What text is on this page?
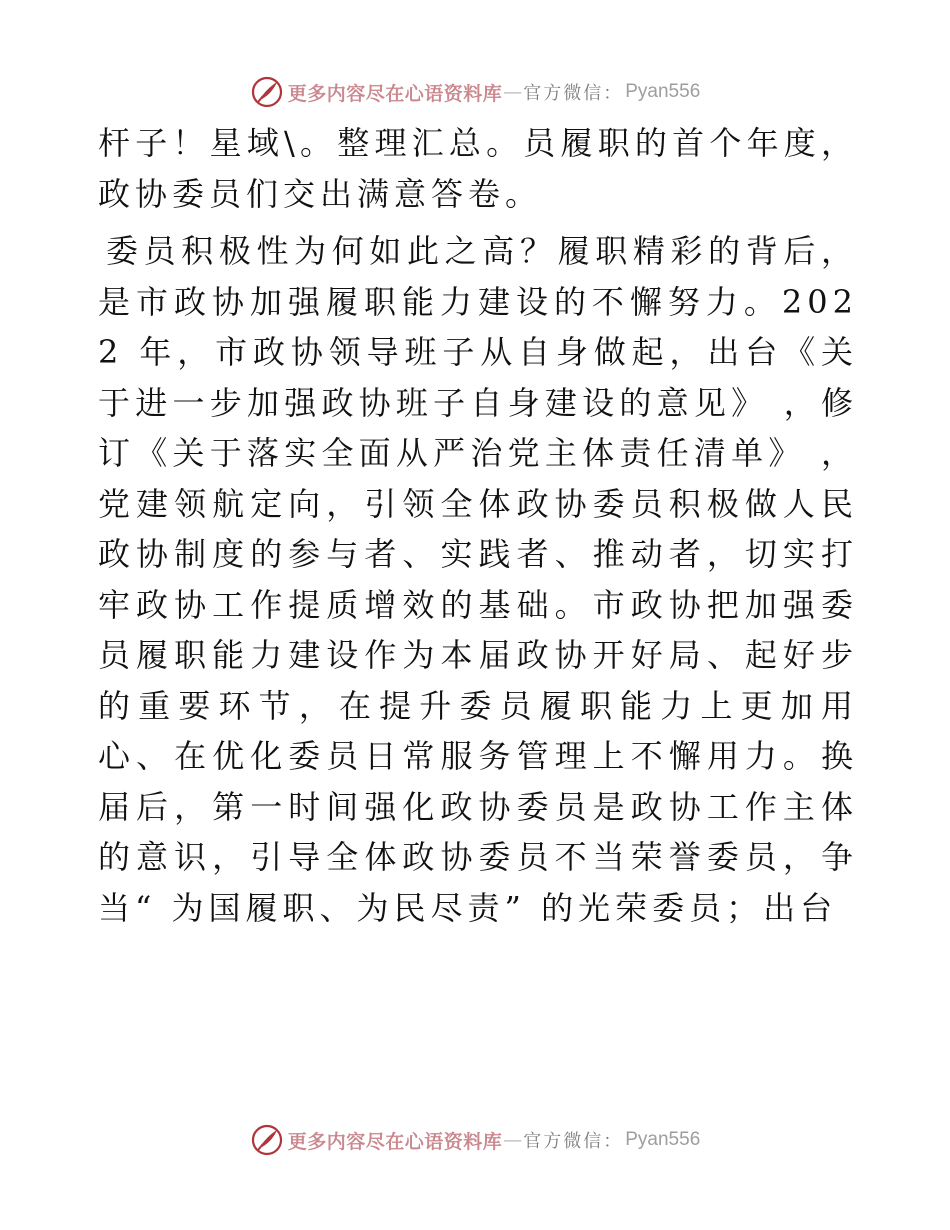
更多内容尽在心语资料库 — 官方微信： Pyan556

杆子！星域\。整理汇总。员履职的首个年度，政协委员们交出满意答卷。

委员积极性为何如此之高？履职精彩的背后，是市政协加强履职能力建设的不懈努力。2022 年，市政协领导班子从自身做起，出台《关于进一步加强政协班子自身建设的意见》 ，修订《关于落实全面从严治党主体责任清单》 ，党建领航定向，引领全体政协委员积极做人民政协制度的参与者、实践者、推动者，切实打牢政协工作提质增效的基础。市政协把加强委员履职能力建设作为本届政协开好局、起好步的重要环节，在提升委员履职能力上更加用心、在优化委员日常服务管理上不懈用力。换届后，第一时间强化政协委员是政协工作主体的意识，引导全体政协委员不当荣誉委员，争当“ 为国履职、为民尽责” 的光荣委员；出台

更多内容尽在心语资料库 — 官方微信： Pyan556
